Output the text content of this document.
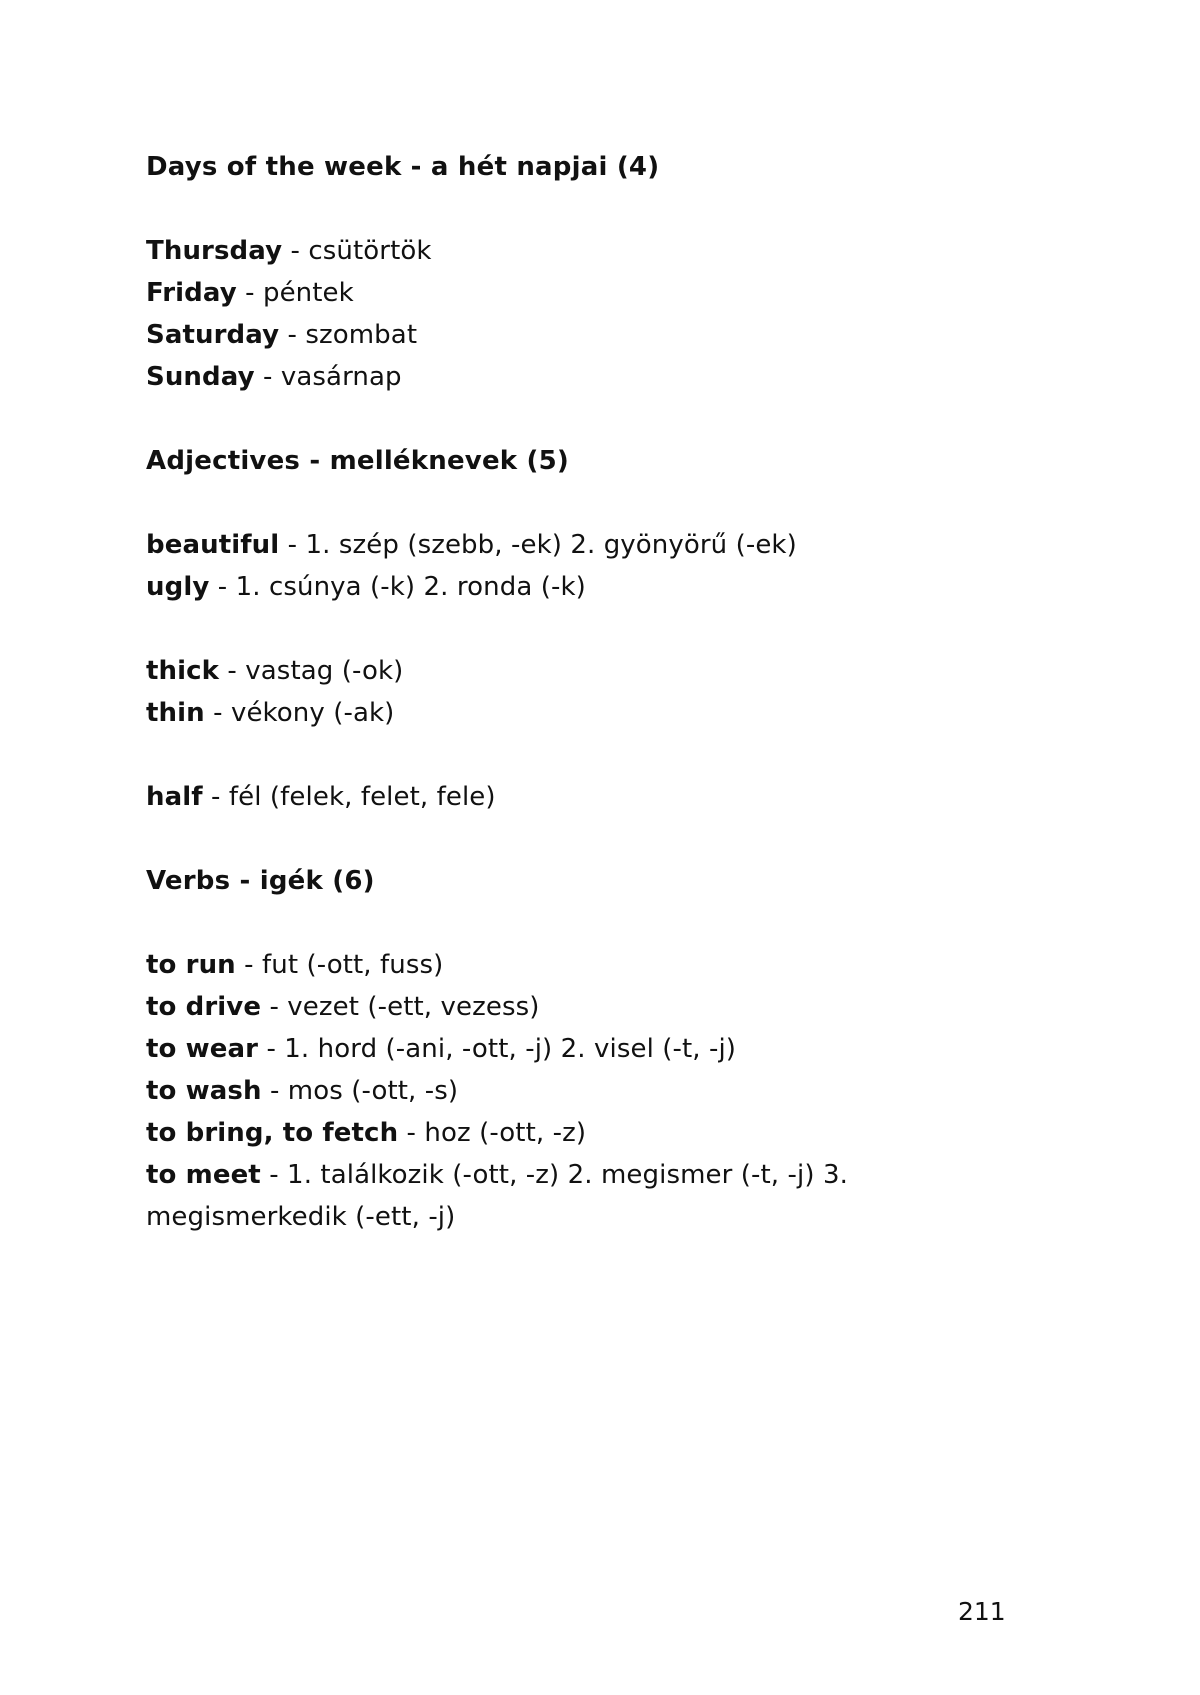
Days of the week - a hét napjai (4)
Thursday - csütörtök
Friday - péntek
Saturday - szombat
Sunday - vasárnap
Adjectives - melléknevek (5)
beautiful - 1. szép (szebb, -ek) 2. gyönyörű (-ek)
ugly - 1. csúnya (-k) 2. ronda (-k)
thick - vastag (-ok)
thin - vékony (-ak)
half - fél (felek, felet, fele)
Verbs - igék (6)
to run - fut (-ott, fuss)
to drive - vezet (-ett, vezess)
to wear - 1. hord (-ani, -ott, -j) 2. visel (-t, -j)
to wash - mos (-ott, -s)
to bring, to fetch - hoz (-ott, -z)
to meet - 1. találkozik (-ott, -z) 2. megismer (-t, -j) 3. megismerkedik (-ett, -j)
211
